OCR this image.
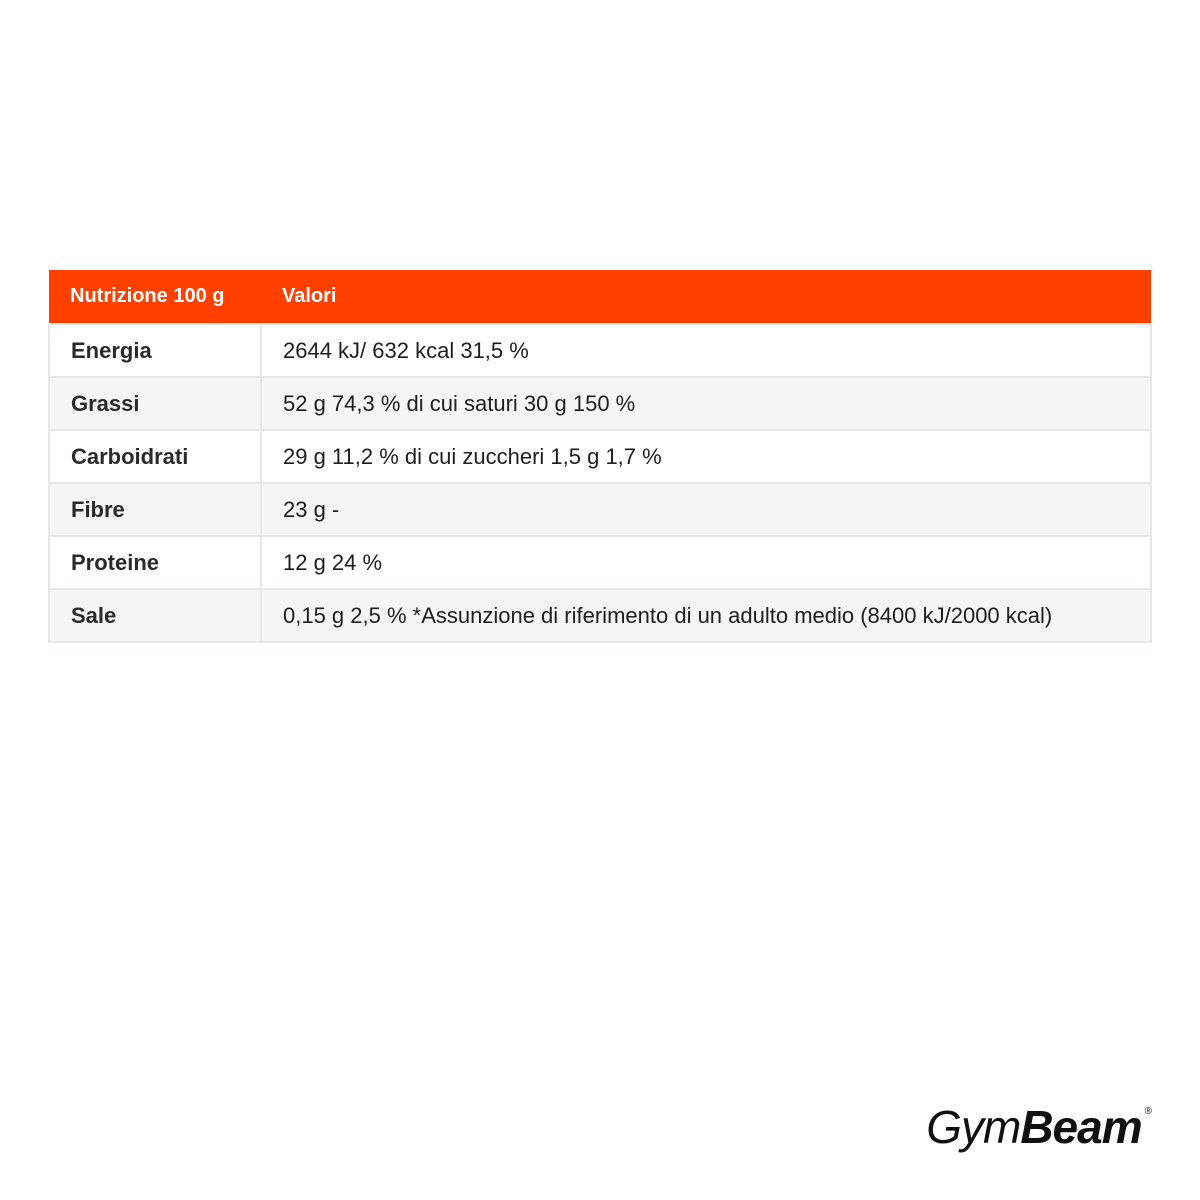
Nutrizione 100 g	Valori
Energia	2644 kJ/ 632 kcal 31,5 %
Grassi	52 g 74,3 % di cui saturi 30 g 150 %
Carboidrati	29 g 11,2 % di cui zuccheri 1,5 g 1,7 %
Fibre	23 g -
Proteine	12 g 24 %
Sale	0,15 g 2,5 % *Assunzione di riferimento di un adulto medio (8400 kJ/2000 kcal)
Gym Beam ®
